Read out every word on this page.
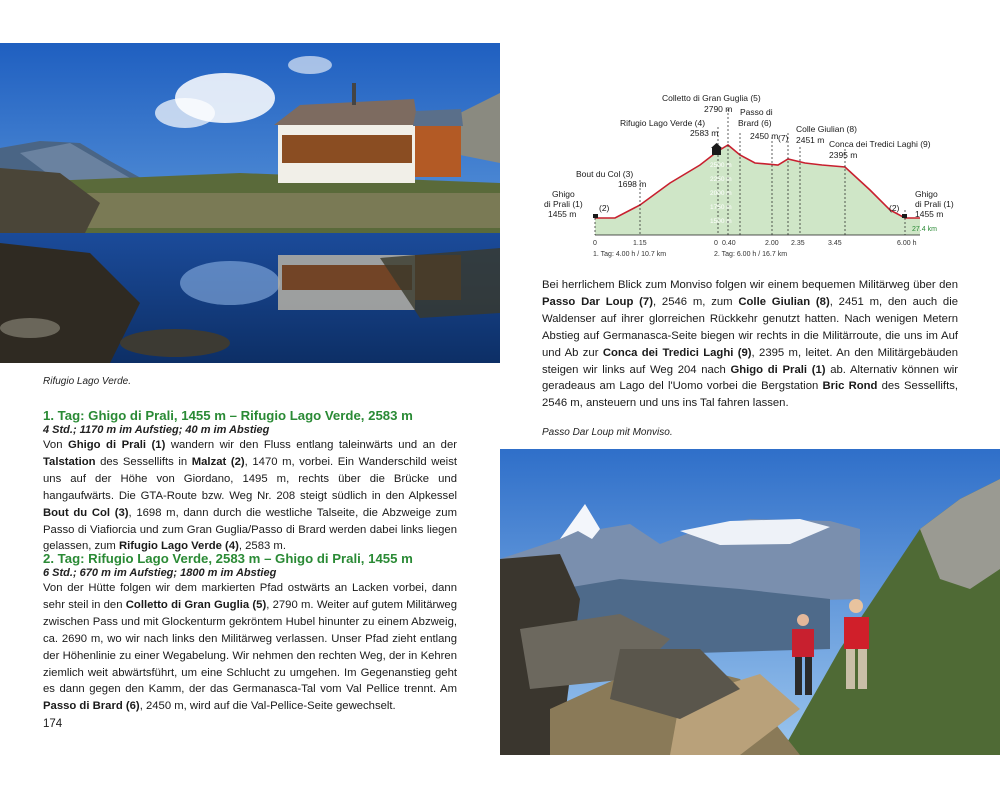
Rifugio Lago Verde.
1. Tag: Ghigo di Prali, 1455 m – Rifugio Lago Verde, 2583 m
4 Std.; 1170 m im Aufstieg; 40 m im Abstieg
Von Ghigo di Prali (1) wandern wir den Fluss entlang taleinwärts und an der Talstation des Sessellifts in Malzat (2), 1470 m, vorbei. Ein Wanderschild weist uns auf der Höhe von Giordano, 1495 m, rechts über die Brücke und hangaufwärts. Die GTA-Route bzw. Weg Nr. 208 steigt südlich in den Alpkessel Bout du Col (3), 1698 m, dann durch die westliche Talseite, die Abzweige zum Passo di Viafiorcia und zum Gran Guglia/Passo di Brard werden dabei links liegen gelassen, zum Rifugio Lago Verde (4), 2583 m.
2. Tag: Rifugio Lago Verde, 2583 m – Ghigo di Prali, 1455 m
6 Std.; 670 m im Aufstieg; 1800 m im Abstieg
Von der Hütte folgen wir dem markierten Pfad ostwärts an Lacken vorbei, dann sehr steil in den Colletto di Gran Guglia (5), 2790 m. Weiter auf gutem Militärweg zwischen Pass und mit Glockenturm gekröntem Hubel hinunter zu einem Abzweig, ca. 2690 m, wo wir nach links den Militärweg verlassen. Unser Pfad zieht entlang der Höhenlinie zu einer Wegabelung. Wir nehmen den rechten Weg, der in Kehren ziemlich weit abwärtsführt, um eine Schlucht zu umgehen. Im Gegenanstieg geht es dann gegen den Kamm, der das Germanasca-Tal vom Val Pellice trennt. Am Passo di Brard (6), 2450 m, wird auf die Val-Pellice-Seite gewechselt.
174
2500 m
2250 m
2000 m
1750 m
1500 m
Ghigo
di Prali (1)
1455 m
(2)
Bout du Col (3)
1698 m
Rifugio Lago Verde (4)
2583 m
Colletto di Gran Guglia (5)
2790 m Passo di
Brard (6)
2450 m (7)
Colle Giulian (8)
2451 m Conca dei Tredici Laghi (9)
2395 m
(2)
Ghigo
di Prali (1)
1455 m
27.4 km
0	1.15	0 0.40	2.00 2.35	3.45	6.00 h
1. Tag: 4.00 h / 10.7 km	2. Tag: 6.00 h / 16.7 km
Bei herrlichem Blick zum Monviso folgen wir einem bequemen Militärweg über den Passo Dar Loup (7), 2546 m, zum Colle Giulian (8), 2451 m, den auch die Waldenser auf ihrer glorreichen Rückkehr genutzt hatten. Nach wenigen Metern Abstieg auf Germanasca-Seite biegen wir rechts in die Militärroute, die uns im Auf und Ab zur Conca dei Tredici Laghi (9), 2395 m, leitet. An den Militärgebäuden steigen wir links auf Weg 204 nach Ghigo di Prali (1) ab. Alternativ können wir geradeaus am Lago del l'Uomo vorbei die Bergstation Bric Rond des Sessellifts, 2546 m, ansteuern und uns ins Tal fahren lassen.
Passo Dar Loup mit Monviso.
